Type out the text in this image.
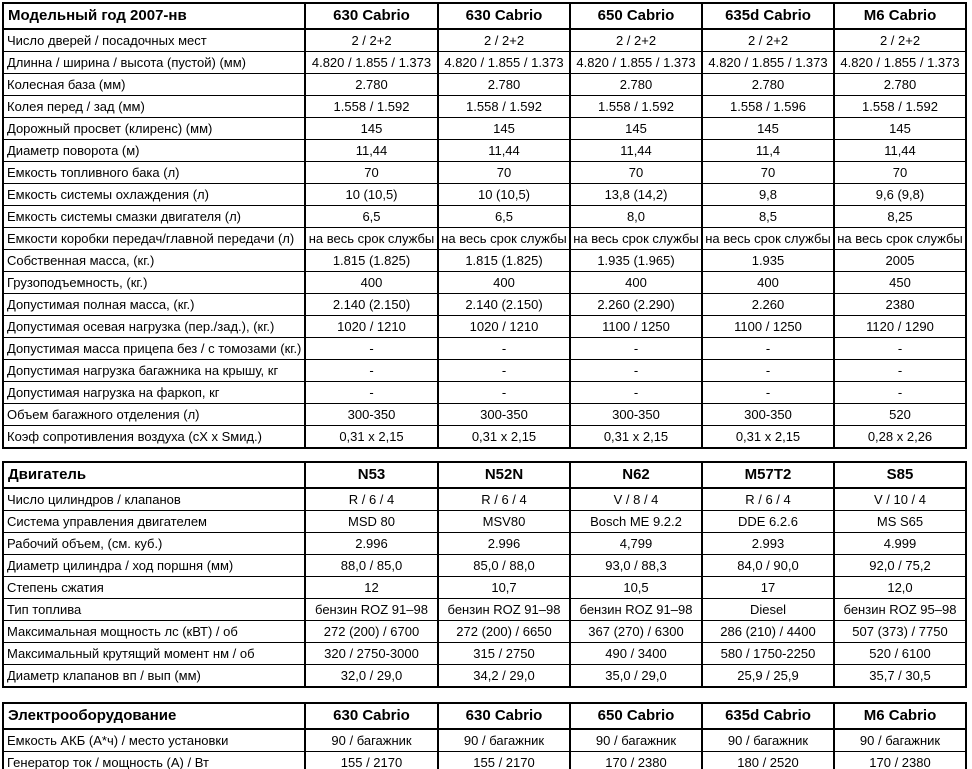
Модельный год 2007-нв	630 Cabrio	630 Cabrio	650 Cabrio	635d Cabrio	M6 Cabrio
Число дверей / посадочных мест	2 / 2+2	2 / 2+2	2 / 2+2	2 / 2+2	2 / 2+2
Длинна / ширина / высота (пустой) (мм)	4.820 / 1.855 / 1.373	4.820 / 1.855 / 1.373	4.820 / 1.855 / 1.373	4.820 / 1.855 / 1.373	4.820 / 1.855 / 1.373
Колесная база (мм)	2.780	2.780	2.780	2.780	2.780
Колея перед / зад (мм)	1.558 / 1.592	1.558 / 1.592	1.558 / 1.592	1.558 / 1.596	1.558 / 1.592
Дорожный просвет (клиренс) (мм)	145	145	145	145	145
Диаметр поворота (м)	11,44	11,44	11,44	11,4	11,44
Емкость топливного бака (л)	70	70	70	70	70
Емкость системы охлаждения (л)	10 (10,5)	10 (10,5)	13,8 (14,2)	9,8	9,6 (9,8)
Емкость системы смазки двигателя (л)	6,5	6,5	8,0	8,5	8,25
Емкости коробки передач/главной передачи (л)	на весь срок службы	на весь срок службы	на весь срок службы	на весь срок службы	на весь срок службы
Собственная масса, (кг.)	1.815 (1.825)	1.815 (1.825)	1.935 (1.965)	1.935	2005
Грузоподъемность, (кг.)	400	400	400	400	450
Допустимая полная масса, (кг.)	2.140 (2.150)	2.140 (2.150)	2.260 (2.290)	2.260	2380
Допустимая осевая нагрузка (пер./зад.), (кг.)	1020 / 1210	1020 / 1210	1100 / 1250	1100 / 1250	1120 / 1290
Допустимая масса прицепа без / с томозами (кг.)	-	-	-	-	-
Допустимая нагрузка багажника на крышу, кг	-	-	-	-	-
Допустимая нагрузка на фаркоп, кг	-	-	-	-	-
Объем багажного отделения (л)	300-350	300-350	300-350	300-350	520
Коэф сопротивления воздуха (cX x Sмид.)	0,31 x 2,15	0,31 x 2,15	0,31 x 2,15	0,31 x 2,15	0,28 x 2,26
Двигатель	N53	N52N	N62	M57T2	S85
Число цилиндров / клапанов	R / 6 / 4	R / 6 / 4	V / 8 / 4	R / 6 / 4	V / 10 / 4
Система управления двигателем	MSD 80	MSV80	Bosch ME 9.2.2	DDE 6.2.6	MS S65
Рабочий объем, (см. куб.)	2.996	2.996	4,799	2.993	4.999
Диаметр цилиндра / ход поршня (мм)	88,0 / 85,0	85,0 / 88,0	93,0 / 88,3	84,0 / 90,0	92,0 / 75,2
Степень сжатия	12	10,7	10,5	17	12,0
Тип топлива	бензин ROZ 91–98	бензин ROZ 91–98	бензин ROZ 91–98	Diesel	бензин ROZ 95–98
Максимальная мощность лс (кВТ) / об	272 (200) / 6700	272 (200) / 6650	367 (270) / 6300	286 (210) / 4400	507 (373) / 7750
Максимальный крутящий момент нм / об	320 / 2750-3000	315 / 2750	490 / 3400	580 / 1750-2250	520 / 6100
Диаметр клапанов вп / вып (мм)	32,0 / 29,0	34,2 / 29,0	35,0 / 29,0	25,9 / 25,9	35,7 / 30,5
Электрооборудование	630 Cabrio	630 Cabrio	650 Cabrio	635d Cabrio	M6 Cabrio
Емкость АКБ (А*ч) / место установки	90 / багажник	90 / багажник	90 / багажник	90 / багажник	90 / багажник
Генератор ток / мощность (А) / Вт	155 / 2170	155 / 2170	170 / 2380	180 / 2520	170 / 2380
